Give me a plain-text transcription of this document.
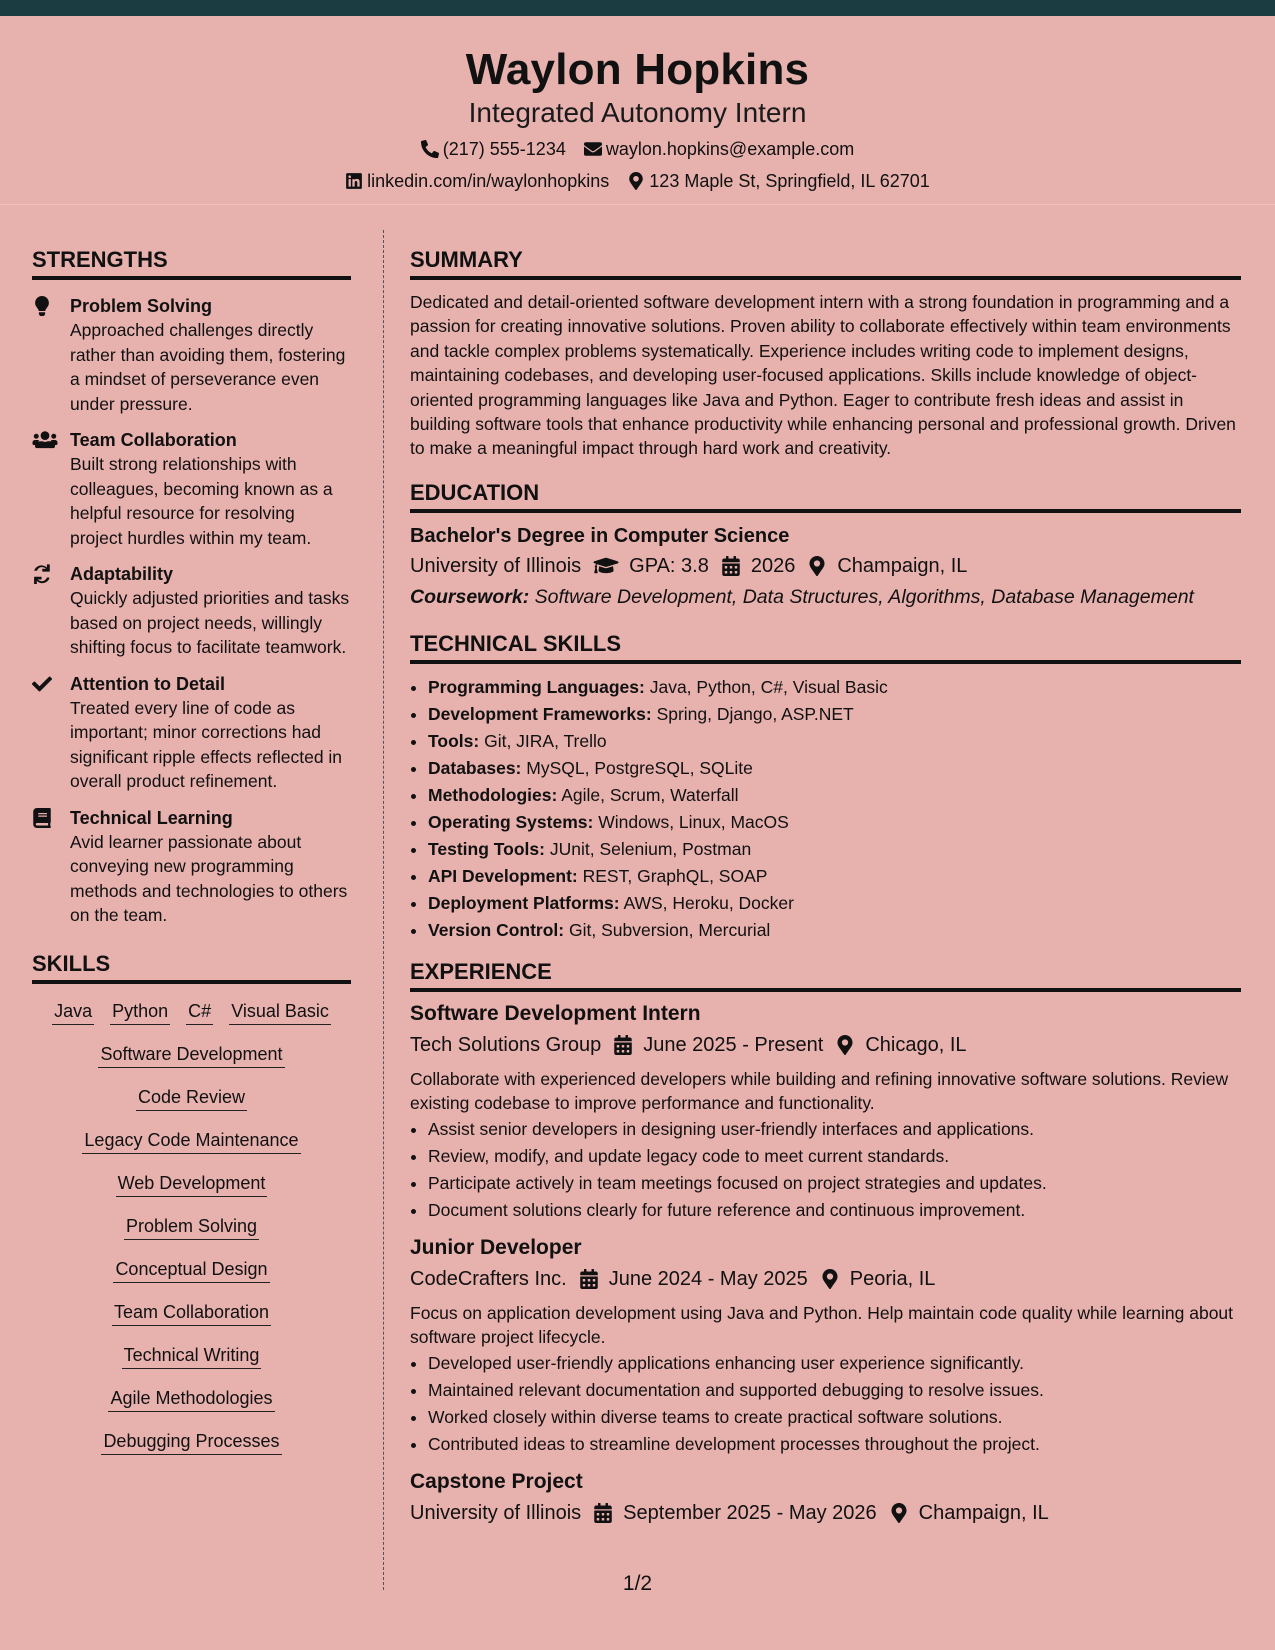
Waylon Hopkins
Integrated Autonomy Intern
(217) 555-1234 waylon.hopkins@example.com
linkedin.com/in/waylonhopkins 123 Maple St, Springfield, IL 62701
STRENGTHS
Problem Solving
Approached challenges directly rather than avoiding them, fostering a mindset of perseverance even under pressure.
Team Collaboration
Built strong relationships with colleagues, becoming known as a helpful resource for resolving project hurdles within my team.
Adaptability
Quickly adjusted priorities and tasks based on project needs, willingly shifting focus to facilitate teamwork.
Attention to Detail
Treated every line of code as important; minor corrections had significant ripple effects reflected in overall product refinement.
Technical Learning
Avid learner passionate about conveying new programming methods and technologies to others on the team.
SKILLS
Java Python C# Visual Basic
Software Development
Code Review
Legacy Code Maintenance
Web Development
Problem Solving
Conceptual Design
Team Collaboration
Technical Writing
Agile Methodologies
Debugging Processes
SUMMARY

Dedicated and detail-oriented software development intern with a strong foundation in programming and a passion for creating innovative solutions. Proven ability to collaborate effectively within team environments and tackle complex problems systematically. Experience includes writing code to implement designs, maintaining codebases, and developing user-focused applications. Skills include knowledge of object-oriented programming languages like Java and Python. Eager to contribute fresh ideas and assist in building software tools that enhance productivity while enhancing personal and professional growth. Driven to make a meaningful impact through hard work and creativity.

EDUCATION
Bachelor's Degree in Computer Science
University of Illinois GPA: 3.8 2026 Champaign, IL
Coursework: Software Development, Data Structures, Algorithms, Database Management
TECHNICAL SKILLS
• Programming Languages: Java, Python, C#, Visual Basic
• Development Frameworks: Spring, Django, ASP.NET
• Tools: Git, JIRA, Trello
• Databases: MySQL, PostgreSQL, SQLite
• Methodologies: Agile, Scrum, Waterfall
• Operating Systems: Windows, Linux, MacOS
• Testing Tools: JUnit, Selenium, Postman
• API Development: REST, GraphQL, SOAP
• Deployment Platforms: AWS, Heroku, Docker
• Version Control: Git, Subversion, Mercurial
EXPERIENCE
Software Development Intern
Tech Solutions Group June 2025 - Present Chicago, IL
Collaborate with experienced developers while building and refining innovative software solutions. Review existing codebase to improve performance and functionality.
• Assist senior developers in designing user-friendly interfaces and applications.
• Review, modify, and update legacy code to meet current standards.
• Participate actively in team meetings focused on project strategies and updates.
• Document solutions clearly for future reference and continuous improvement.
Junior Developer
CodeCrafters Inc. June 2024 - May 2025 Peoria, IL
Focus on application development using Java and Python. Help maintain code quality while learning about software project lifecycle.
• Developed user-friendly applications enhancing user experience significantly.
• Maintained relevant documentation and supported debugging to resolve issues.
• Worked closely within diverse teams to create practical software solutions.
• Contributed ideas to streamline development processes throughout the project.
Capstone Project
University of Illinois September 2025 - May 2026 Champaign, IL
1/2
